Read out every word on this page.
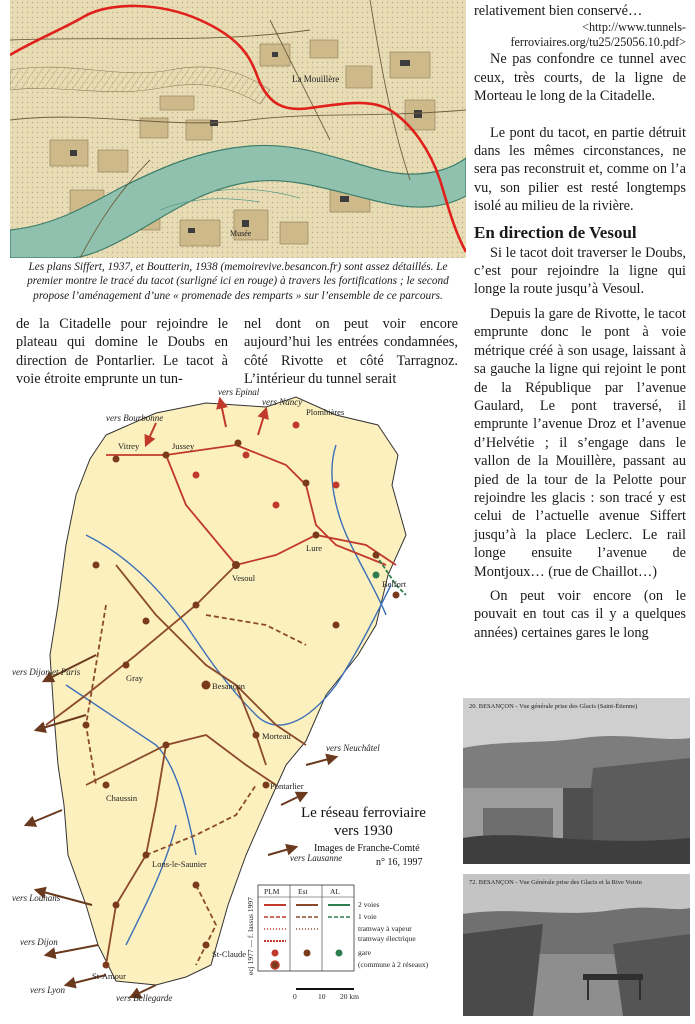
La Mouillère
Musée
Les plans Siffert, 1937, et Boutterin, 1938 (memoirevive.besancon.fr) sont assez détaillés. Le premier montre le tracé du tacot (surligné ici en rouge) à travers les fortifications ; le second propose l’aménagement d’une « promenade des remparts » sur l’ensemble de ce parcours.

de la Citadelle pour rejoindre le plateau qui domine le Doubs en direction de Pontarlier. Le tacot à voie étroite emprunte un tun-

nel dont on peut voir encore aujourd’hui les entrées condamnées, côté Rivotte et côté Tarragnoz. L’intérieur du tunnel serait

Plombières
Vitrey	Jussey
Vesoul
Lure
Belfort
Gray
Besançon
Morteau
Pontarlier
Chaussin
Lons-le-Saunier
St-Claude
St-Amour
vers Epinal
vers Nancy
vers Bourbonne
vers Dijon et Paris
vers Neuchâtel
vers Lausanne
vers Louhans
vers Dijon
vers Lyon
vers Bellegarde
Le réseau ferroviaire
vers 1930
Images de Franche-Comté
n° 16, 1997
PLM Est	AL
2 voies
1 voie
tramway à vapeur
tramway électrique
gare
(commune à 2 réseaux)
ecj 1977 — f. lassus 1997
0	10 20 km

relativement bien conservé…

<http://www.tunnels-ferroviaires.org/tu25/25056.10.pdf>

Ne pas confondre ce tunnel avec ceux, très courts, de la ligne de Morteau le long de la Citadelle.

Le pont du tacot, en partie détruit dans les mêmes circonstances, ne sera pas reconstruit et, comme on l’a vu, son pilier est resté longtemps isolé au milieu de la rivière.

En direction de Vesoul

Si le tacot doit traverser le Doubs, c’est pour rejoindre la ligne qui longe la route jusqu’à Vesoul.

Depuis la gare de Rivotte, le tacot emprunte donc le pont à voie métrique créé à son usage, laissant à sa gauche la ligne qui rejoint le pont de la République par l’avenue Gaulard, Le pont traversé, il emprunte l’avenue Droz et l’avenue d’Helvétie ; il s’engage dans le vallon de la Mouillère, passant au pied de la tour de la Pelotte pour rejoindre les glacis : son tracé y est celui de l’actuelle avenue Siffert jusqu’à la place Leclerc. Le rail longe ensuite l’avenue de Montjoux… (rue de Chaillot…)

On peut voir encore (on le pouvait en tout cas il y a quelques années) certaines gares le long

20. BESANÇON - Vue générale prise des Glacis (Saint-Étienne)
72. BESANÇON - Vue Générale prise des Glacis et la Rive Voisin
